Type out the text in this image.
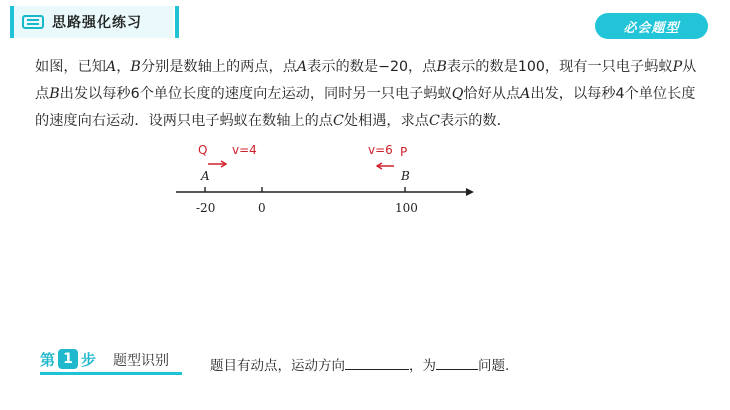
思路强化练习	必会题型
如图，已知A，B分别是数轴上的两点，点A表示的数是−20，点B表示的数是100，现有一只电子蚂蚁P从点B出发以每秒6个单位长度的速度向左运动，同时另一只电子蚂蚁Q恰好从点A出发，以每秒4个单位长度的速度向右运动．设两只电子蚂蚁在数轴上的点C处相遇，求点C表示的数．
Q v=4	v=6 P
A	B
-20	0	100
第 1 步 题型识别	题目有动点，运动方向	，为	问题.
